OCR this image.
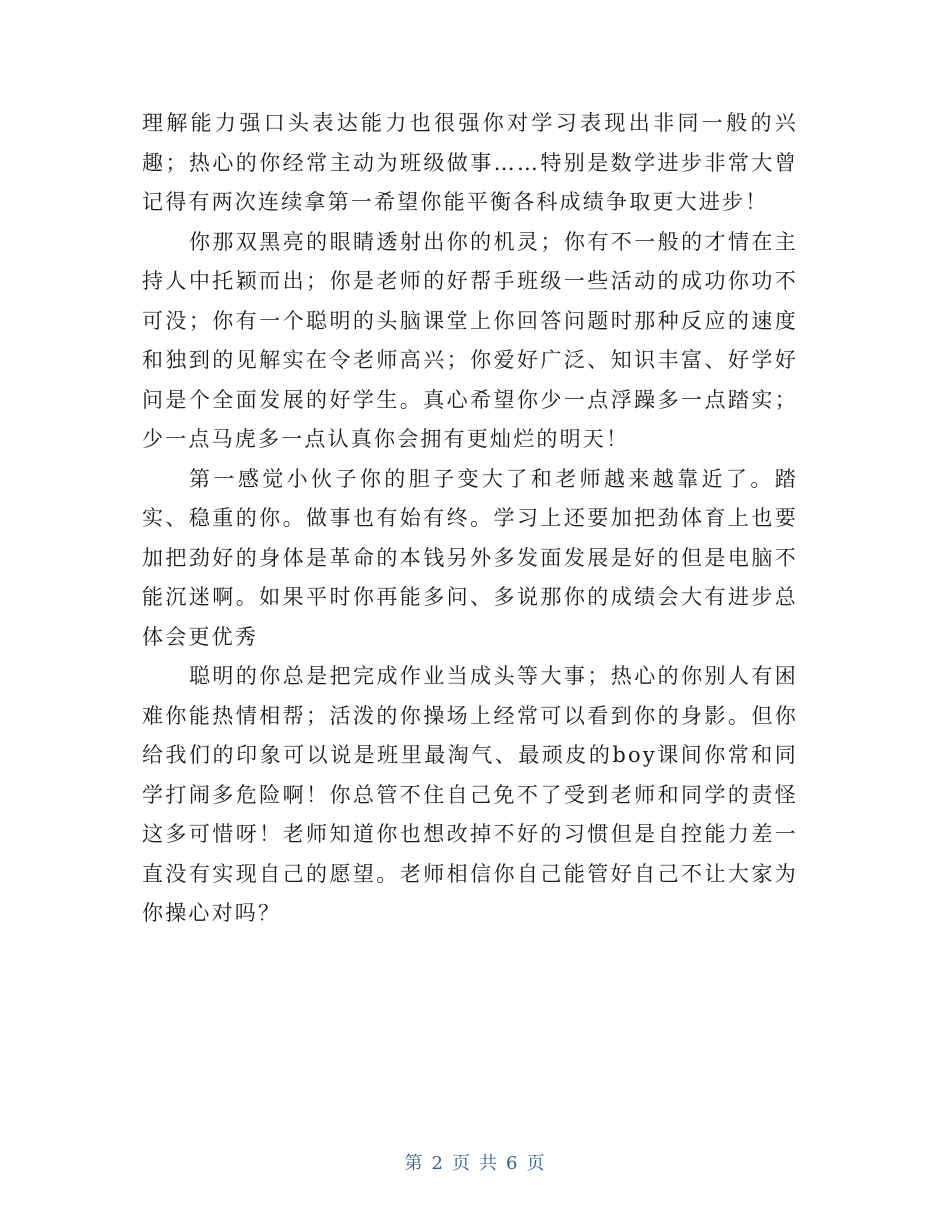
理解能力强口头表达能力也很强你对学习表现出非同一般的兴趣；热心的你经常主动为班级做事……特别是数学进步非常大曾记得有两次连续拿第一希望你能平衡各科成绩争取更大进步！

你那双黑亮的眼睛透射出你的机灵；你有不一般的才情在主持人中托颖而出；你是老师的好帮手班级一些活动的成功你功不可没；你有一个聪明的头脑课堂上你回答问题时那种反应的速度和独到的见解实在令老师高兴；你爱好广泛、知识丰富、好学好问是个全面发展的好学生。真心希望你少一点浮躁多一点踏实；少一点马虎多一点认真你会拥有更灿烂的明天！

第一感觉小伙子你的胆子变大了和老师越来越靠近了。踏实、稳重的你。做事也有始有终。学习上还要加把劲体育上也要加把劲好的身体是革命的本钱另外多发面发展是好的但是电脑不能沉迷啊。如果平时你再能多问、多说那你的成绩会大有进步总体会更优秀

聪明的你总是把完成作业当成头等大事；热心的你别人有困难你能热情相帮；活泼的你操场上经常可以看到你的身影。但你给我们的印象可以说是班里最淘气、最顽皮的boy课间你常和同学打闹多危险啊！你总管不住自己免不了受到老师和同学的责怪这多可惜呀！老师知道你也想改掉不好的习惯但是自控能力差一直没有实现自己的愿望。老师相信你自己能管好自己不让大家为你操心对吗？

第 2 页 共 6 页
